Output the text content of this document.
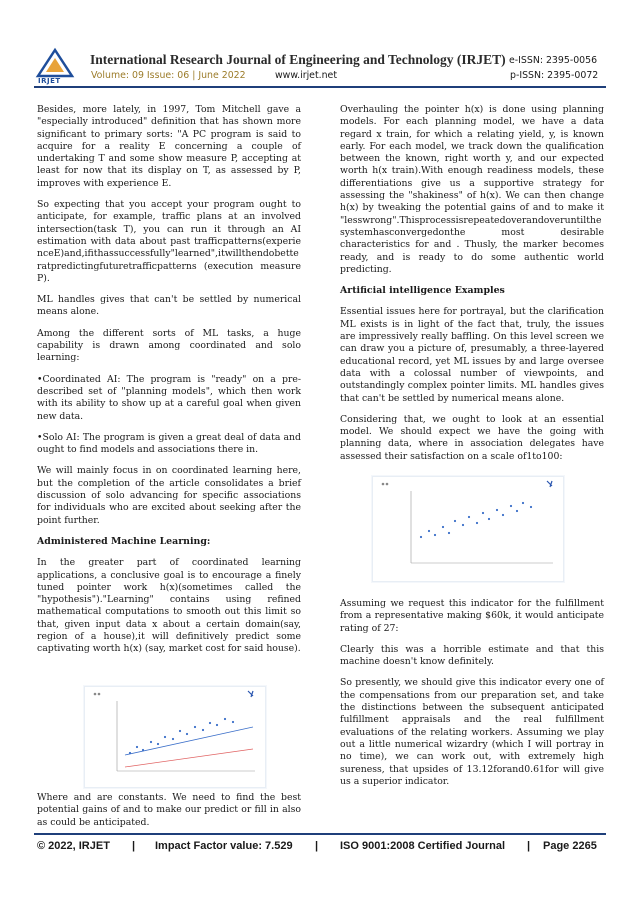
IRJET
International Research Journal of Engineering and Technology (IRJET)
Volume: 09 Issue: 06 | June 2022	www.irjet.net
e-ISSN: 2395-0056
p-ISSN: 2395-0072

Besides, more lately, in 1997, Tom Mitchell gave a "especially introduced" definition that has shown more significant to primary sorts: "A PC program is said to acquire for a reality E concerning a couple of undertaking T and some show measure P, accepting at least for now that its display on T, as assessed by P, improves with experience E.

So expecting that you accept your program ought to anticipate, for example, traffic plans at an involved intersection(task T), you can run it through an AI estimation with data about past trafficpatterns(experienceE)and,ifithassuccessfully"learned",itwillthendobetteratpredictingfuturetrafficpatterns (execution measure P).

ML handles gives that can't be settled by numerical means alone.

Among the different sorts of ML tasks, a huge capability is drawn among coordinated and solo learning:

•Coordinated AI: The program is "ready" on a pre-described set of "planning models", which then work with its ability to show up at a careful goal when given new data.

•Solo AI: The program is given a great deal of data and ought to find models and associations there in.

We will mainly focus in on coordinated learning here, but the completion of the article consolidates a brief discussion of solo advancing for specific associations for individuals who are excited about seeking after the point further.

Administered Machine Learning:

In the greater part of coordinated learning applications, a conclusive goal is to encourage a finely tuned pointer work h(x)(sometimes called the "hypothesis")."Learning" contains using refined mathematical computations to smooth out this limit so that, given input data x about a certain domain(say, region of a house),it will definitively predict some captivating worth h(x) (say, market cost for said house).

Where and are constants. We need to find the best potential gains of and to make our predict or fill in also as could be anticipated.

Overhauling the pointer h(x) is done using planning models. For each planning model, we have a data regard x train, for which a relating yield, y, is known early. For each model, we track down the qualification between the known, right worth y, and our expected worth h(x train).With enough readiness models, these differentiations give us a supportive strategy for assessing the "shakiness" of h(x). We can then change h(x) by tweaking the potential gains of and to make it "lesswrong".Thisprocessisrepeatedoverandoveruntilthesystemhasconvergedonthe most desirable characteristics for and . Thusly, the marker becomes ready, and is ready to do some authentic world predicting.

Artificial intelligence Examples

Essential issues here for portrayal, but the clarification ML exists is in light of the fact that, truly, the issues are impressively really baffling. On this level screen we can draw you a picture of, presumably, a three-layered educational record, yet ML issues by and large oversee data with a colossal number of viewpoints, and outstandingly complex pointer limits. ML handles gives that can't be settled by numerical means alone.

Considering that, we ought to look at an essential model. We should expect we have the going with planning data, where in association delegates have assessed their satisfaction on a scale of1to100:

Assuming we request this indicator for the fulfillment from a representative making $60k, it would anticipate rating of 27:

Clearly this was a horrible estimate and that this machine doesn't know definitely.

So presently, we should give this indicator every one of the compensations from our preparation set, and take the distinctions between the subsequent anticipated fulfillment appraisals and the real fulfillment evaluations of the relating workers. Assuming we play out a little numerical wizardry (which I will portray in no time), we can work out, with extremely high sureness, that upsides of 13.12forand0.61for will give us a superior indicator.

© 2022, IRJET | Impact Factor value: 7.529 | ISO 9001:2008 Certified Journal | Page 2265
